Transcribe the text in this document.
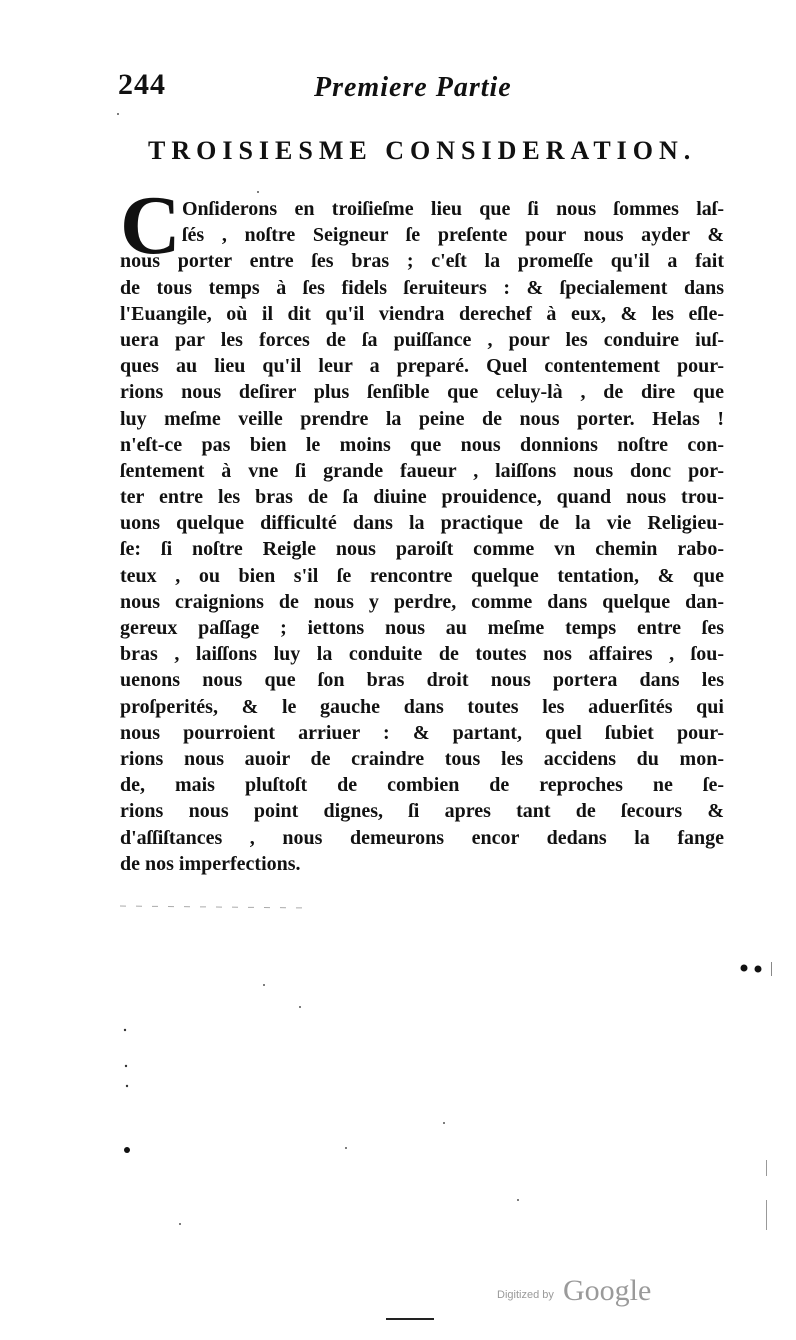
244	Premiere Partie
TROISIESME CONSIDERATION.
C Onſiderons en troiſieſme lieu que ſi nous ſommes laſ-
ſés , noſtre Seigneur ſe preſente pour nous ayder &
nous porter entre ſes bras ; c'eſt la promeſſe qu'il a fait
de tous temps à ſes fidels ſeruiteurs : & ſpecialement dans
l'Euangile, où il dit qu'il viendra derechef à eux, & les eſle-
uera par les forces de ſa puiſſance , pour les conduire iuſ-
ques au lieu qu'il leur a preparé. Quel contentement pour-
rions nous deſirer plus ſenſible que celuy-là , de dire que
luy meſme veille prendre la peine de nous porter. Helas !
n'eſt-ce pas bien le moins que nous donnions noſtre con-
ſentement à vne ſi grande faueur , laiſſons nous donc por-
ter entre les bras de ſa diuine prouidence, quand nous trou-
uons quelque difficulté dans la practique de la vie Religieu-
ſe: ſi noſtre Reigle nous paroiſt comme vn chemin rabo-
teux , ou bien s'il ſe rencontre quelque tentation, & que
nous craignions de nous y perdre, comme dans quelque dan-
gereux paſſage ; iettons nous au meſme temps entre ſes
bras , laiſſons luy la conduite de toutes nos affaires , ſou-
uenons nous que ſon bras droit nous portera dans les
proſperités, & le gauche dans toutes les aduerſités qui
nous pourroient arriuer : & partant, quel ſubiet pour-
rions nous auoir de craindre tous les accidens du mon-
de, mais pluſtoſt de combien de reproches ne ſe-
rions nous point dignes, ſi apres tant de ſecours &
d'aſſiſtances , nous demeurons encor dedans la fange
de nos imperfections.
Digitized by Google
